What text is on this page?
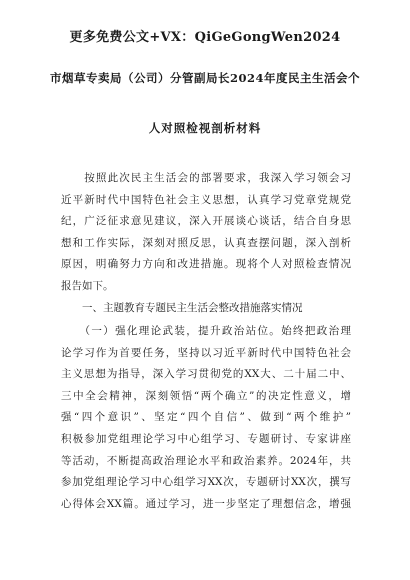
更多免费公文+VX：QiGeGongWen2024
市烟草专卖局（公司）分管副局长2024年度民主生活会个
人对照检视剖析材料
　　按照此次民主生活会的部署要求，我深入学习领会习
近平新时代中国特色社会主义思想，认真学习党章党规党
纪，广泛征求意见建议，深入开展谈心谈话，结合自身思
想和工作实际，深刻对照反思，认真查摆问题，深入剖析
原因，明确努力方向和改进措施。现将个人对照检查情况
报告如下。
　　一、主题教育专题民主生活会整改措施落实情况
　　（一）强化理论武装，提升政治站位。始终把政治理
论学习作为首要任务，坚持以习近平新时代中国特色社会
主义思想为指导，深入学习贯彻党的XX大、二十届二中、
三中全会精神，深刻领悟“两个确立”的决定性意义，增
强“四个意识”、坚定“四个自信”、做到“两个维护”
积极参加党组理论学习中心组学习、专题研讨、专家讲座
等活动，不断提高政治理论水平和政治素养。2024年，共
参加党组理论学习中心组学习XX次，专题研讨XX次，撰写
心得体会XX篇。通过学习，进一步坚定了理想信念，增强
